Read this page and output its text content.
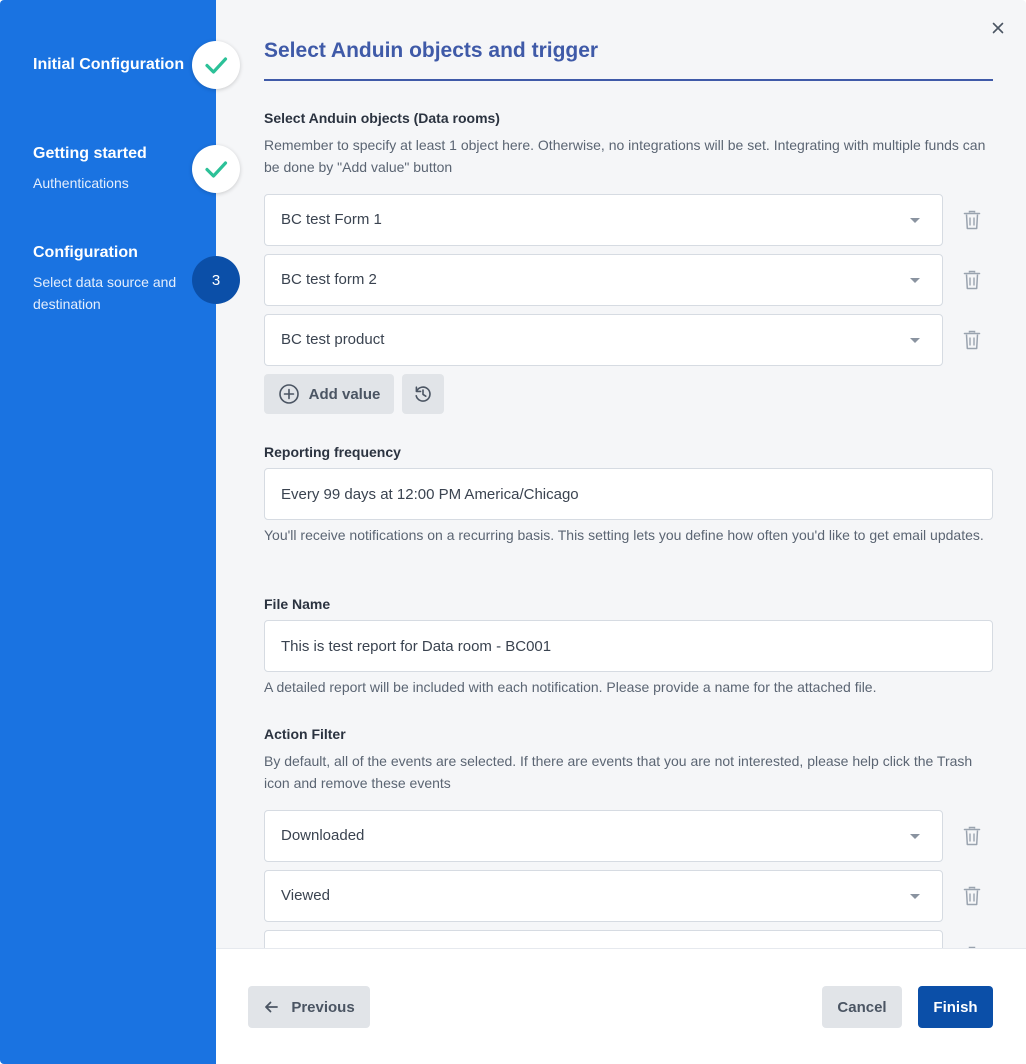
Initial Configuration
Getting started
Authentications
Configuration
Select data source and destination
3
Select Anduin objects and trigger
Select Anduin objects (Data rooms)
Remember to specify at least 1 object here. Otherwise, no integrations will be set. Integrating with multiple funds can be done by "Add value" button
BC test Form 1
BC test form 2
BC test product
Add value
Reporting frequency
Every 99 days at 12:00 PM America/Chicago
You'll receive notifications on a recurring basis. This setting lets you define how often you'd like to get email updates.
File Name
This is test report for Data room - BC001
A detailed report will be included with each notification. Please provide a name for the attached file.
Action Filter
By default, all of the events are selected. If there are events that you are not interested, please help click the Trash icon and remove these events
Downloaded
Viewed
Previous	Cancel	Finish
